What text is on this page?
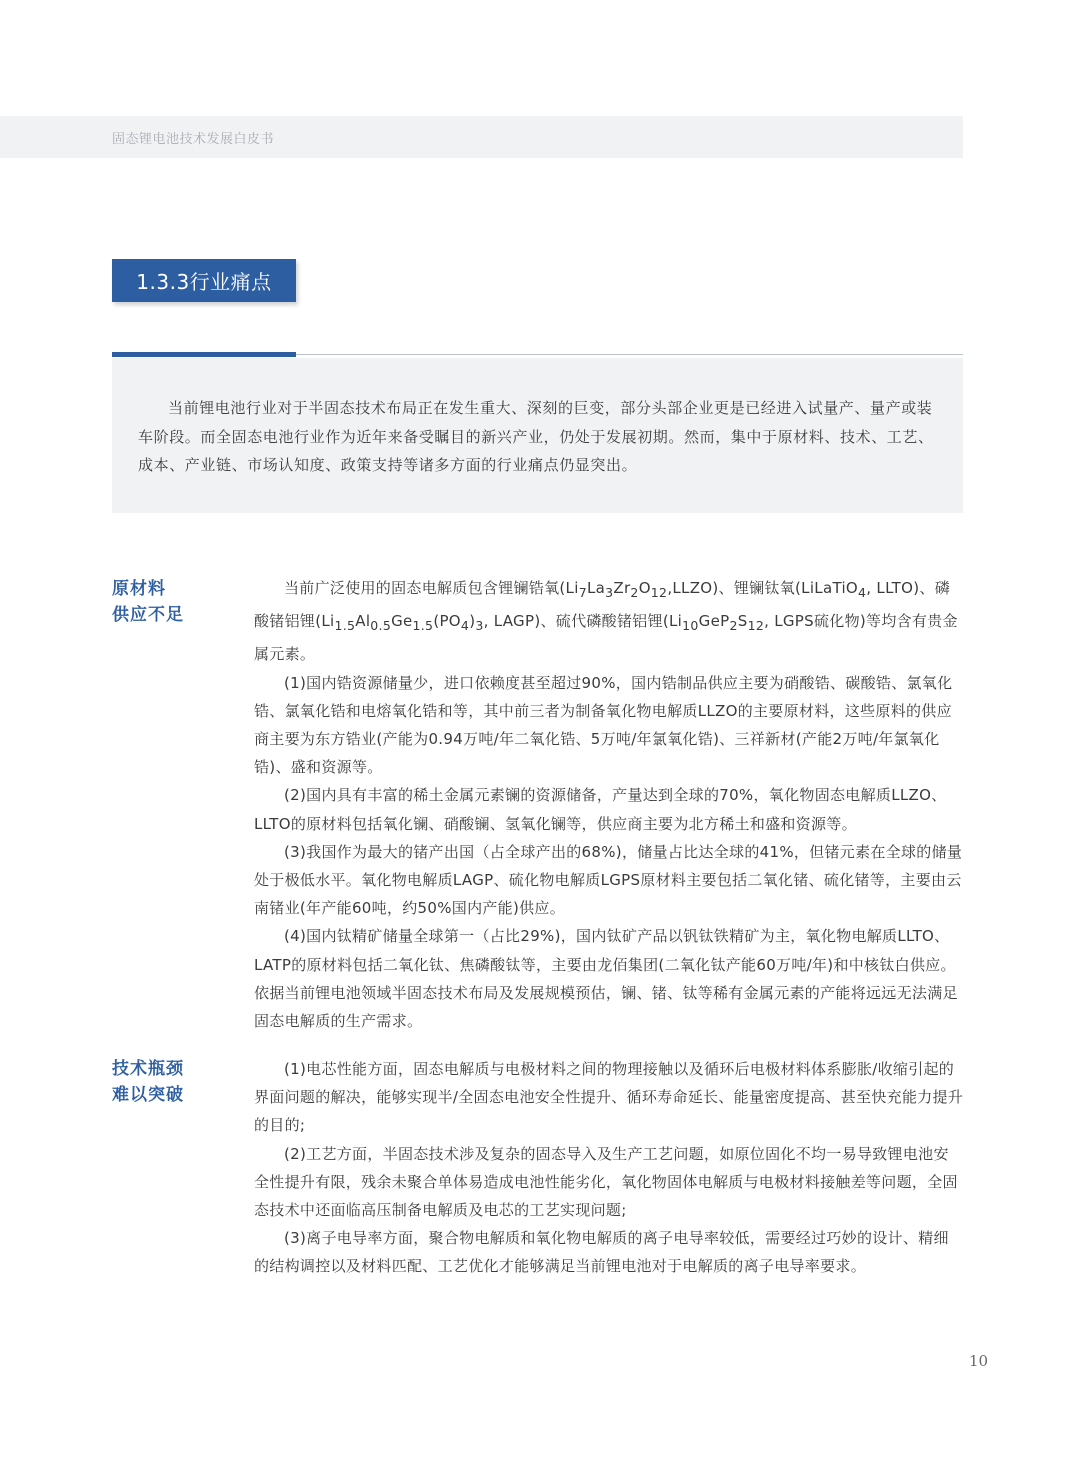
固态锂电池技术发展白皮书
1.3.3行业痛点

当前锂电池行业对于半固态技术布局正在发生重大、深刻的巨变，部分头部企业更是已经进入试量产、量产或装车阶段。而全固态电池行业作为近年来备受瞩目的新兴产业，仍处于发展初期。然而，集中于原材料、技术、工艺、成本、产业链、市场认知度、政策支持等诸多方面的行业痛点仍显突出。

原材料
供应不足

当前广泛使用的固态电解质包含锂镧锆氧$(Li_7La_3Zr_2O_{12},LLZO)$、锂镧钛氧(LiLaTiO$_4$, LLTO)、磷酸锗铝锂($Li_{1.5}Al_{0.5}Ge_{1.5}(PO_4)_3$, LAGP)、硫代磷酸锗铝锂($Li_{10}GeP_2S_{12}$, LGPS硫化物)等均含有贵金属元素。

(1)国内锆资源储量少，进口依赖度甚至超过90%，国内锆制品供应主要为硝酸锆、碳酸锆、氯氧化锆、氯氧化锆和电熔氧化锆和等，其中前三者为制备氧化物电解质LLZO的主要原材料，这些原料的供应商主要为东方锆业(产能为0.94万吨/年二氧化锆、5万吨/年氯氧化锆)、三祥新材(产能2万吨/年氯氧化锆)、盛和资源等。

(2)国内具有丰富的稀土金属元素镧的资源储备，产量达到全球的70%，氧化物固态电解质LLZO、LLTO的原材料包括氧化镧、硝酸镧、氢氧化镧等，供应商主要为北方稀土和盛和资源等。

(3)我国作为最大的锗产出国（占全球产出的68%)，储量占比达全球的41%，但锗元素在全球的储量处于极低水平。氧化物电解质LAGP、硫化物电解质LGPS原材料主要包括二氧化锗、硫化锗等，主要由云南锗业(年产能60吨，约50%国内产能)供应。

(4)国内钛精矿储量全球第一（占比29%)，国内钛矿产品以钒钛铁精矿为主，氧化物电解质LLTO、LATP的原材料包括二氧化钛、焦磷酸钛等，主要由龙佰集团(二氧化钛产能60万吨/年)和中核钛白供应。依据当前锂电池领域半固态技术布局及发展规模预估，镧、锗、钛等稀有金属元素的产能将远远无法满足固态电解质的生产需求。

技术瓶颈
难以突破

(1)电芯性能方面，固态电解质与电极材料之间的物理接触以及循环后电极材料体系膨胀/收缩引起的界面问题的解决，能够实现半/全固态电池安全性提升、循环寿命延长、能量密度提高、甚至快充能力提升的目的;

(2)工艺方面，半固态技术涉及复杂的固态导入及生产工艺问题，如原位固化不均一易导致锂电池安全性提升有限，残余未聚合单体易造成电池性能劣化，氧化物固体电解质与电极材料接触差等问题，全固态技术中还面临高压制备电解质及电芯的工艺实现问题;

(3)离子电导率方面，聚合物电解质和氧化物电解质的离子电导率较低，需要经过巧妙的设计、精细的结构调控以及材料匹配、工艺优化才能够满足当前锂电池对于电解质的离子电导率要求。

10
